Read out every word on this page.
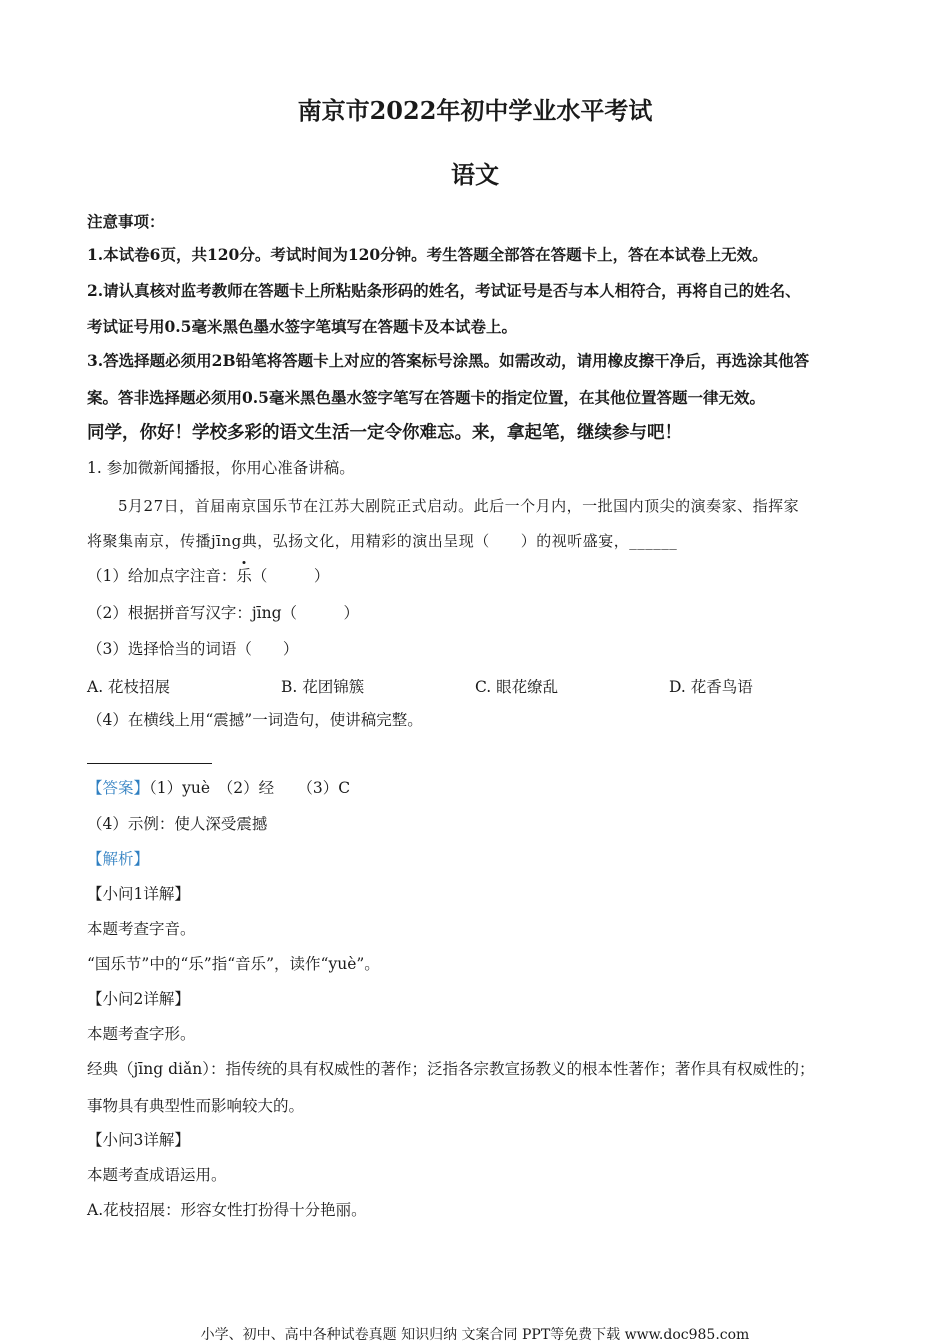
南京市2022年初中学业水平考试
语文
注意事项：
1.本试卷6页，共120分。考试时间为120分钟。考生答题全部答在答题卡上，答在本试卷上无效。
2.请认真核对监考教师在答题卡上所粘贴条形码的姓名，考试证号是否与本人相符合，再将自己的姓名、
考试证号用0.5毫米黑色墨水签字笔填写在答题卡及本试卷上。
3.答选择题必须用2B铅笔将答题卡上对应的答案标号涂黑。如需改动，请用橡皮擦干净后，再选涂其他答
案。答非选择题必须用0.5毫米黑色墨水签字笔写在答题卡的指定位置，在其他位置答题一律无效。
同学，你好！学校多彩的语文生活一定令你难忘。来，拿起笔，继续参与吧！
1. 参加微新闻播报，你用心准备讲稿。
5月27日，首届南京国乐节在江苏大剧院正式启动。此后一个月内，一批国内顶尖的演奏家、指挥家
将聚集南京，传播jīng典，弘扬文化，用精彩的演出呈现（　　）的视听盛宴，______
（1）给加点字注音：乐（　　　）
（2）根据拼音写汉字：jīng（　　　）
（3）选择恰当的词语（　　）
A. 花枝招展	B. 花团锦簇	C. 眼花缭乱	D. 花香鸟语
（4）在横线上用“震撼”一词造句，使讲稿完整。
【答案】（1）yuè　（2）经　　（3）C
（4）示例：使人深受震撼
【解析】
【小问1详解】
本题考查字音。
“国乐节”中的“乐”指“音乐”，读作“yuè”。
【小问2详解】
本题考查字形。
经典（jīng diǎn）：指传统的具有权威性的著作；泛指各宗教宣扬教义的根本性著作；著作具有权威性的；
事物具有典型性而影响较大的。
【小问3详解】
本题考查成语运用。
A.花枝招展：形容女性打扮得十分艳丽。
小学、初中、高中各种试卷真题 知识归纳 文案合同 PPT等免费下载 www.doc985.com
